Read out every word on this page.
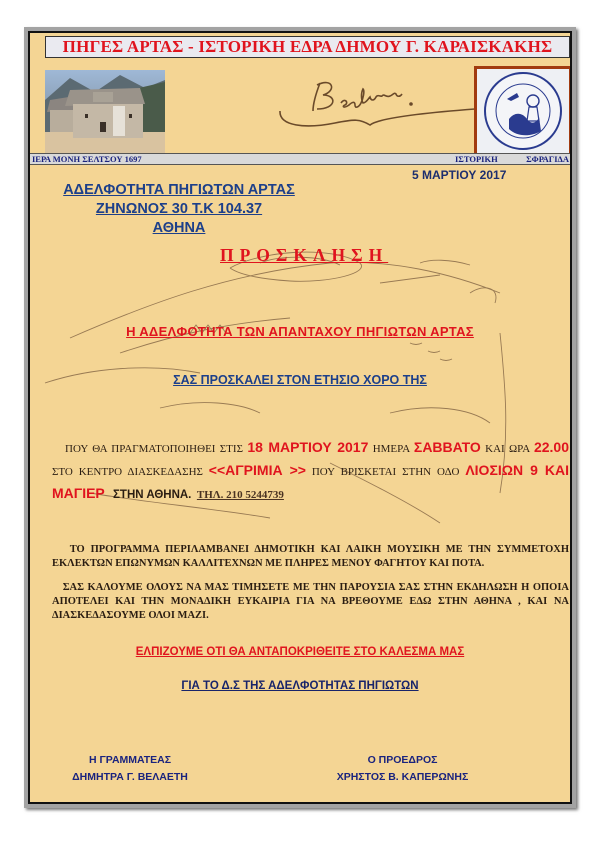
ΠΗΓΕΣ ΑΡΤΑΣ - ΙΣΤΟΡΙΚΗ ΕΔΡΑ ΔΗΜΟΥ Γ. ΚΑΡΑΙΣΚΑΚΗΣ
ΙΕΡΑ ΜΟΝΗ ΣΕΛΤΣΟΥ 1697	ΙΣΤΟΡΙΚΗ	ΣΦΡΑΓΙΔΑ
5 ΜΑΡΤΙΟΥ 2017
ΑΔΕΛΦΟΤΗΤΑ ΠΗΓΙΩΤΩΝ ΑΡΤΑΣ
ΖΗΝΩΝΟΣ 30 Τ.Κ 104.37
ΑΘΗΝΑ
ΠΡΟΣΚΛΗΣΗ
Η ΑΔΕΛΦΟΤΗΤΑ ΤΩΝ ΑΠΑΝΤΑΧΟΥ ΠΗΓΙΩΤΩΝ ΑΡΤΑΣ
ΣΑΣ ΠΡΟΣΚΑΛΕΙ ΣΤΟΝ ΕΤΗΣΙΟ ΧΟΡΟ ΤΗΣ
ΠΟΥ ΘΑ ΠΡΑΓΜΑΤΟΠΟΙΗΘΕΙ ΣΤΙΣ 18 ΜΑΡΤΙΟΥ 2017 ΗΜΕΡΑ ΣΑΒΒΑΤΟ ΚΑΙ ΩΡΑ 22.00 ΣΤΟ ΚΕΝΤΡΟ ΔΙΑΣΚΕΔΑΣΗΣ <<ΑΓΡΙΜΙΑ >> ΠΟΥ ΒΡΙΣΚΕΤΑΙ ΣΤΗΝ ΟΔΟ ΛΙΟΣΙΩΝ 9 ΚΑΙ ΜΑΓΙΕΡ ΣΤΗΝ ΑΘΗΝΑ. ΤΗΛ. 210 5244739
ΤΟ ΠΡΟΓΡΑΜΜΑ ΠΕΡΙΛΑΜΒΑΝΕΙ ΔΗΜΟΤΙΚΗ ΚΑΙ ΛΑΙΚΗ ΜΟΥΣΙΚΗ ΜΕ ΤΗΝ ΣΥΜΜΕΤΟΧΗ ΕΚΛΕΚΤΩΝ ΕΠΩΝΥΜΩΝ ΚΑΛΛΙΤΕΧΝΩΝ ΜΕ ΠΛΗΡΕΣ ΜΕΝΟΥ ΦΑΓΗΤΟΥ ΚΑΙ ΠΟΤΑ.
ΣΑΣ ΚΑΛΟΥΜΕ ΟΛΟΥΣ ΝΑ ΜΑΣ ΤΙΜΗΣΕΤΕ ΜΕ ΤΗΝ ΠΑΡΟΥΣΙΑ ΣΑΣ ΣΤΗΝ ΕΚΔΗΛΩΣΗ Η ΟΠΟΙΑ ΑΠΟΤΕΛΕΙ ΚΑΙ ΤΗΝ ΜΟΝΑΔΙΚΗ ΕΥΚΑΙΡΙΑ ΓΙΑ ΝΑ ΒΡΕΘΟΥΜΕ ΕΔΩ ΣΤΗΝ ΑΘΗΝΑ , ΚΑΙ ΝΑ ΔΙΑΣΚΕΔΑΣΟΥΜΕ ΟΛΟΙ ΜΑΖΙ.
ΕΛΠΙΖΟΥΜΕ ΟΤΙ ΘΑ ΑΝΤΑΠΟΚΡΙΘΕΙΤΕ ΣΤΟ ΚΑΛΕΣΜΑ ΜΑΣ
ΓΙΑ ΤΟ Δ.Σ ΤΗΣ ΑΔΕΛΦΟΤΗΤΑΣ ΠΗΓΙΩΤΩΝ
Η ΓΡΑΜΜΑΤΕΑΣ
ΔΗΜΗΤΡΑ Γ. ΒΕΛΑΕΤΗ
Ο ΠΡΟΕΔΡΟΣ
ΧΡΗΣΤΟΣ Β. ΚΑΠΕΡΩΝΗΣ
